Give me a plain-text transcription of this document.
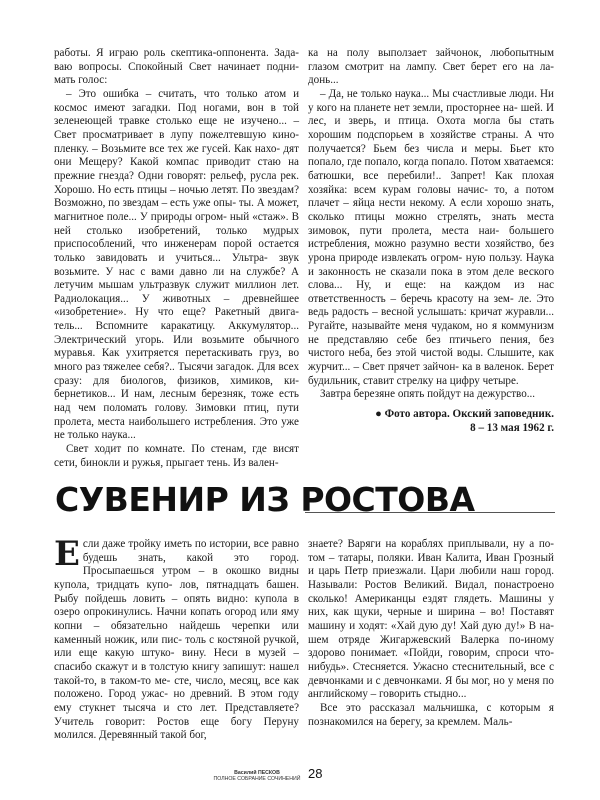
работы. Я играю роль скептика-оппонента. Зада- ваю вопросы. Спокойный Свет начинает подни- мать голос:

– Это ошибка – считать, что только атом и космос имеют загадки. Под ногами, вон в той зеленеющей травке столько еще не изучено... – Свет просматривает в лупу пожелтевшую кино- пленку. – Возьмите все тех же гусей. Как нахо- дят они Мещеру? Какой компас приводит стаю на прежние гнезда? Одни говорят: рельеф, русла рек. Хорошо. Но есть птицы – ночью летят. По звездам? Возможно, по звездам – есть уже опы- ты. А может, магнитное поле... У природы огром- ный «стаж». В ней столько изобретений, только мудрых приспособлений, что инженерам порой остается только завидовать и учиться... Ультра- звук возьмите. У нас с вами давно ли на службе? А летучим мышам ультразвук служит миллион лет. Радиолокация... У животных – древнейшее «изобретение». Ну что еще? Ракетный двига- тель... Вспомните каракатицу. Аккумулятор... Электрический угорь. Или возьмите обычного муравья. Как ухитряется перетаскивать груз, во много раз тяжелее себя?.. Тысячи загадок. Для всех сразу: для биологов, физиков, химиков, ки- бернетиков... И нам, лесным березняк, тоже есть над чем поломать голову. Зимовки птиц, пути пролета, места наибольшего истребления. Это уже не только наука...

Свет ходит по комнате. По стенам, где висят сети, бинокли и ружья, прыгает тень. Из вален-

ка на полу выползает зайчонок, любопытным глазом смотрит на лампу. Свет берет его на ла- донь...

– Да, не только наука... Мы счастливые люди. Ни у кого на планете нет земли, просторнее на- шей. И лес, и зверь, и птица. Охота могла бы стать хорошим подспорьем в хозяйстве страны. А что получается? Бьем без числа и меры. Бьет кто попало, где попало, когда попало. Потом хватаемся: батюшки, все перебили!.. Запрет! Как плохая хозяйка: всем курам головы начис- то, а потом плачет – яйца нести некому. А если хорошо знать, сколько птицы можно стрелять, знать места зимовок, пути пролета, места наи- большего истребления, можно разумно вести хозяйство, без урона природе извлекать огром- ную пользу. Наука и законность не сказали пока в этом деле веского слова... Ну, и еще: на каждом из нас ответственность – беречь красоту на зем- ле. Это ведь радость – весной услышать: кричат журавли... Ругайте, называйте меня чудаком, но я коммунизм не представляю себе без птичьего пения, без чистого неба, без этой чистой воды. Слышите, как журчит... – Свет прячет зайчон- ка в валенок. Берет будильник, ставит стрелку на цифру четыре.

Завтра березяне опять пойдут на дежурство...

● Фото автора. Окский заповедник.
8 – 13 мая 1962 г.

СУВЕНИР ИЗ РОСТОВА

Если даже тройку иметь по истории, все равно будешь знать, какой это город. Просыпаешься утром – в окошко видны купола, тридцать купо- лов, пятнадцать башен. Рыбу пойдешь ловить – опять видно: купола в озеро опрокинулись. Начни копать огород или яму копни – обязательно найдешь черепки или каменный ножик, или пис- толь с костяной ручкой, или еще какую штуко- вину. Неси в музей – спасибо скажут и в толстую книгу запишут: нашел такой-то, в таком-то ме- сте, число, месяц, все как положено. Город ужас- но древний. В этом году ему стукнет тысяча и сто лет. Представляете? Учитель говорит: Ростов еще богу Перуну молился. Деревянный такой бог,

знаете? Варяги на кораблях приплывали, ну а по- том – татары, поляки. Иван Калита, Иван Грозный и царь Петр приезжали. Цари любили наш город. Называли: Ростов Великий. Видал, понастроено сколько! Американцы ездят глядеть. Машины у них, как щуки, черные и ширина – во! Поставят машину и ходят: «Хай дую ду! Хай дую ду!» В на- шем отряде Жигаржевский Валерка по-иному здорово понимает. «Пойди, говорим, спроси что- нибудь». Стесняется. Ужасно стеснительный, все с девчонками и с девчонками. Я бы мог, но у меня по английскому – говорить стыдно...

Все это рассказал мальчишка, с которым я познакомился на берегу, за кремлем. Маль-

Василий ПЕСКОВ
ПОЛНОЕ СОБРАНИЕ СОЧИНЕНИЙ 28
